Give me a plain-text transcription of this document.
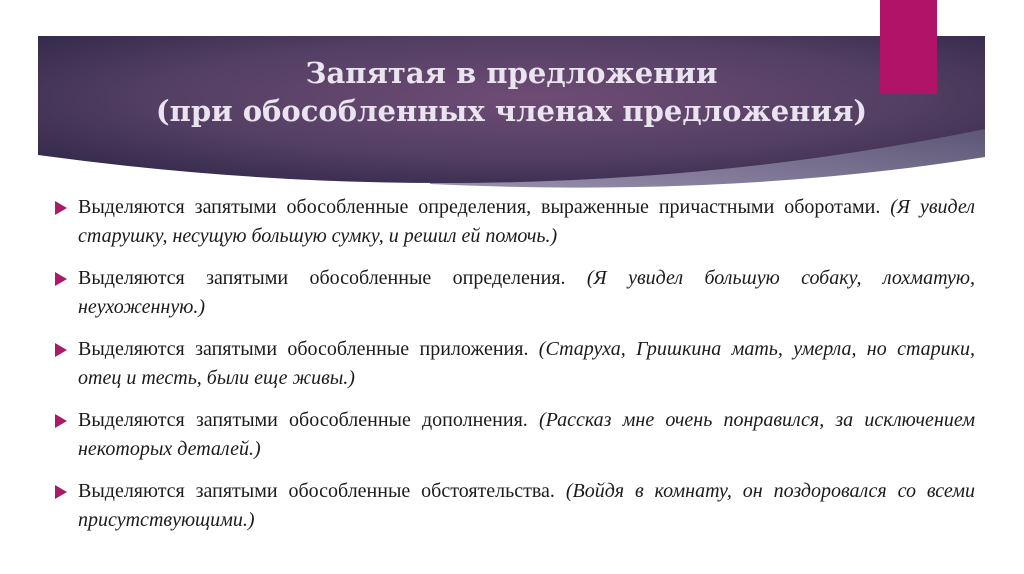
Запятая в предложении
(при обособленных членах предложения)
Выделяются запятыми обособленные определения, выраженные причастными оборотами. (Я увидел старушку, несущую большую сумку, и решил ей помочь.)
Выделяются запятыми обособленные определения. (Я увидел большую собаку, лохматую, неухоженную.)
Выделяются запятыми обособленные приложения. (Старуха, Гришкина мать, умерла, но старики, отец и тесть, были еще живы.)
Выделяются запятыми обособленные дополнения. (Рассказ мне очень понравился, за исключением некоторых деталей.)
Выделяются запятыми обособленные обстоятельства. (Войдя в комнату, он поздоровался со всеми присутствующими.)
